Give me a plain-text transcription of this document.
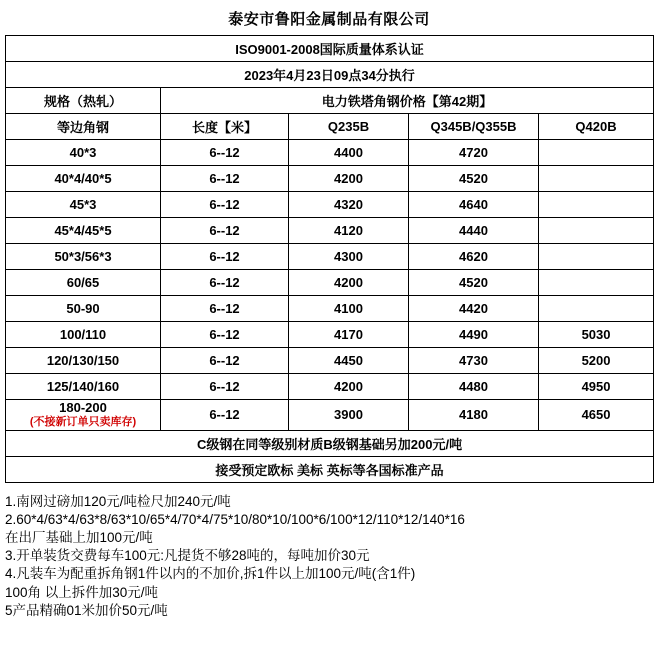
泰安市鲁阳金属制品有限公司
ISO9001-2008国际质量体系认证				
2023年4月23日09点34分执行				
规格（热轧）	电力铁塔角钢价格【第42期】			
等边角钢	长度【米】	Q235B	Q345B/Q355B	Q420B
40*3	6--12	4400	4720	
40*4/40*5	6--12	4200	4520	
45*3	6--12	4320	4640	
45*4/45*5	6--12	4120	4440	
50*3/56*3	6--12	4300	4620	
60/65	6--12	4200	4520	
50-90	6--12	4100	4420	
100/110	6--12	4170	4490	5030
120/130/150	6--12	4450	4730	5200
125/140/160	6--12	4200	4480	4950
180-200
(不接新订单只卖库存)	6--12	3900	4180	4650
C级钢在同等级别材质B级钢基础另加200元/吨				
接受预定欧标 美标 英标等各国标准产品				
1.南网过磅加120元/吨检尺加240元/吨
2.60*4/63*4/63*8/63*10/65*4/70*4/75*10/80*10/100*6/100*12/110*12/140*16
在出厂基础上加100元/吨
3.开单装货交费每车100元:凡提货不够28吨的，每吨加价30元
4.凡装车为配重拆角钢1件以内的不加价,拆1件以上加100元/吨(含1件)
100角 以上拆件加30元/吨
5产品精确01米加价50元/吨
